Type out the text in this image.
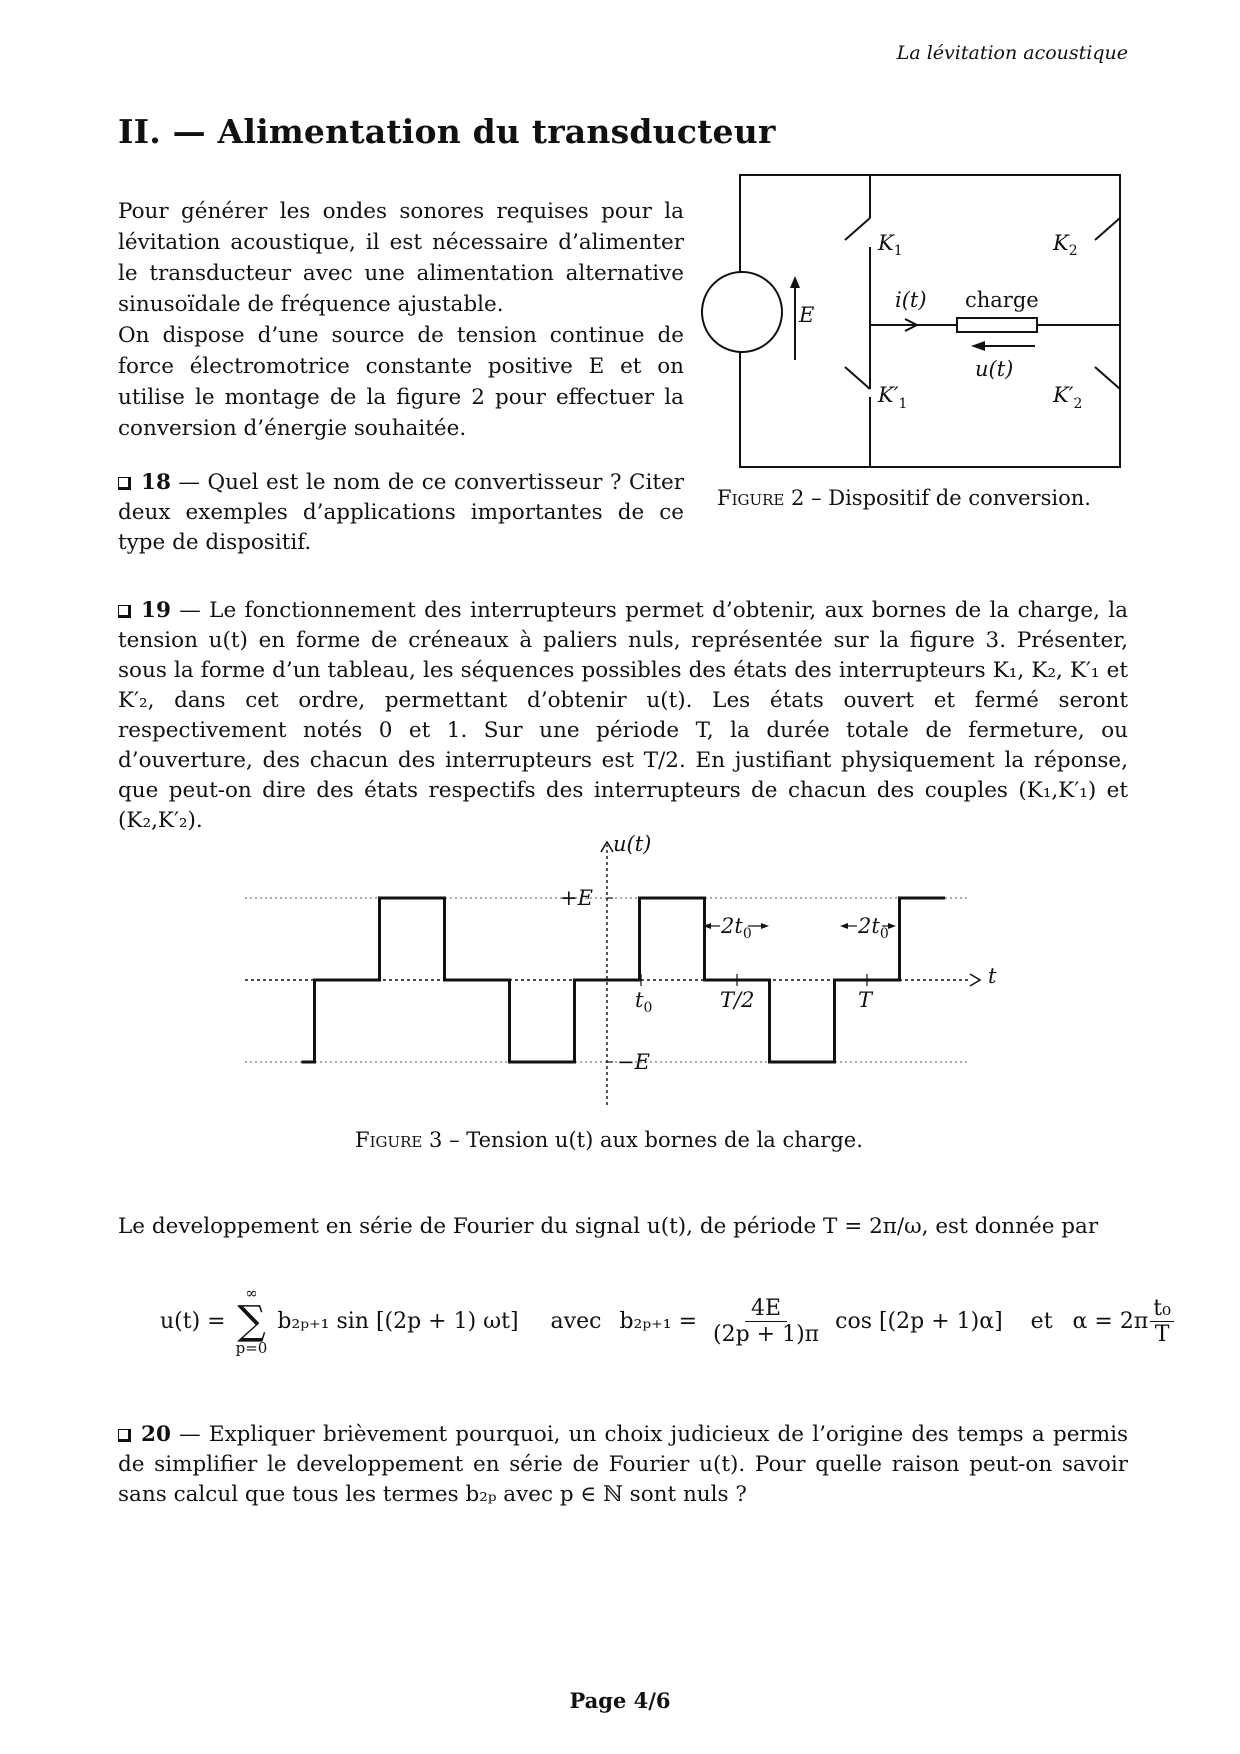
La lévitation acoustique
II. — Alimentation du transducteur

Pour générer les ondes sonores requises pour la lévitation acoustique, il est nécessaire d’alimenter le transducteur avec une alimentation alternative sinusoïdale de fréquence ajustable.

On dispose d’une source de tension continue de force électromotrice constante positive E et on utilise le montage de la figure 2 pour effectuer la conversion d’énergie souhaitée.

18 — Quel est le nom de ce convertisseur ? Citer deux exemples d’applications importantes de ce type de dispositif.
E
$K_1$	$K_2$
$K'_1$	$K'_2$
i(t) charge
u(t)
Figure 2 – Dispositif de conversion.
19 — Le fonctionnement des interrupteurs permet d’obtenir, aux bornes de la charge, la tension u(t) en forme de créneaux à paliers nuls, représentée sur la figure 3. Présenter, sous la forme d’un tableau, les séquences possibles des états des interrupteurs K₁, K₂, K′₁ et K′₂, dans cet ordre, permettant d’obtenir u(t). Les états ouvert et fermé seront respectivement notés 0 et 1. Sur une période T, la durée totale de fermeture, ou d’ouverture, des chacun des interrupteurs est T/2. En justifiant physiquement la réponse, que peut-on dire des états respectifs des interrupteurs de chacun des couples (K₁,K′₁) et (K₂,K′₂).
u(t)
t
+E
−E
$t_0$	T/2	T
$2t_0$	$2t_0$
Figure 3 – Tension u(t) aux bornes de la charge.
Le developpement en série de Fourier du signal u(t), de période T = 2π/ω, est donnée par
u(t) =
∞
∑
p=0
b₂ₚ₊₁ sin [(2p + 1) ωt] avec $b_{2p+1} = \frac{4E}{(2p + 1)\pi}$ cos [(2p + 1)α] et $\alpha = 2\pi \frac{\text{t₀}}{T}$
20 — Expliquer brièvement pourquoi, un choix judicieux de l’origine des temps a permis de simplifier le developpement en série de Fourier u(t). Pour quelle raison peut-on savoir sans calcul que tous les termes b₂ₚ avec p ∈ ℕ sont nuls ?
Page 4/6
